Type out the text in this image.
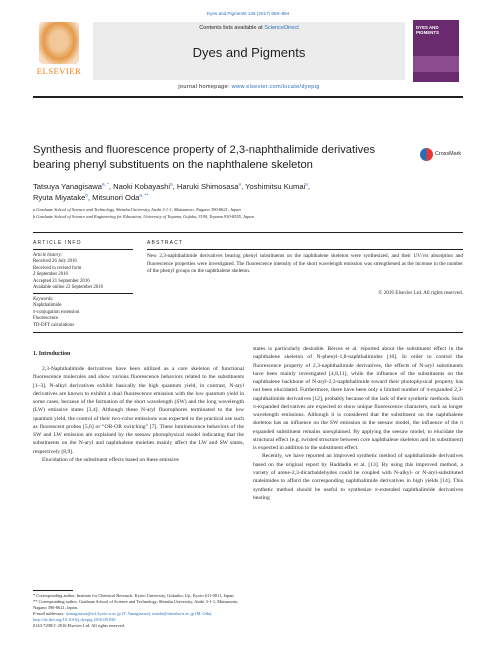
Dyes and Pigments 136 (2017) 859–864
ELSEVIER
Contents lists available at ScienceDirect
Dyes and Pigments
journal homepage: www.elsevier.com/locate/dyepig
DYES AND PIGMENTS
Synthesis and fluorescence property of 2,3-naphthalimide derivatives bearing phenyl substituents on the naphthalene skeleton
CrossMark
Tatsuya Yanagisawa$^{a, *}$, Naoki Kobayashi$^a$, Haruki Shimosasa$^a$, Yoshimitsu Kumai$^a$,
Ryuta Miyatake$^b$, Mitsunori Oda$^{a, **}$
a Graduate School of Science and Technology, Shinshu University, Asahi 3-1-1, Matsumoto, Nagano 390-8621, Japan
b Graduate School of Science and Engineering for Education, University of Toyama, Gofuku, 3190, Toyama 930-8555, Japan
ARTICLE INFO
Article history:
Received 26 July 2016
Received in revised form
2 September 2016
Accepted 21 September 2016
Available online 22 September 2016
Keywords:
Naphthalimide
π-conjugation extension
Fluorescence
TD-DFT calculations
ABSTRACT
New 2,3-naphthalimide derivatives bearing phenyl substituents on the naphthalene skeleton were synthesized, and their UV/vis absorption and fluorescence properties were investigated. The fluorescence intensity of the short wavelength emission was strengthened as the increase in the number of the phenyl groups on the naphthalene skeleton.
© 2016 Elsevier Ltd. All rights reserved.
1. Introduction

2,3-Naphthalimide derivatives have been utilized as a core skeleton of functional fluorescence molecules and show various fluorescence behaviors related to the substituents [1–3]. N-alkyl derivatives exhibit basically the high quantum yield, in contrast, N-aryl derivatives are known to exhibit a dual fluorescence emission with the low quantum yield in some cases, because of the formation of the short wavelength (SW) and the long wavelength (LW) emissive states [3,4]. Although these N-aryl fluorophores terminated to the low quantum yield, the control of their two-color emissions was expected to the practical use such as fluorescent probes [5,6] or “OR-OR switching” [7]. These luminescence behaviors of the SW and LW emission are explained by the seesaw photophysical model indicating that the substituents on the N-aryl and naphthalene moieties mainly affect the LW and SW states, respectively [8,9].

Elucidation of the substituent effects based on these emissive

states is particularly desirable. Bérces et al. reported about the substituent effect in the naphthalene skeleton of N-phenyl-1,8-naphthalimides [10]. In order to control the fluorescence property of 2,3-naphthalimide derivatives, the effects of N-aryl substituents have been mainly investigated [4,8,11], while the influence of the substituents on the naphthalene backbone of N-aryl-2,3-naphthalimide toward their photophysical property has not been elucidated. Furthermore, there have been only a limited number of π-expanded 2,3-naphthalimide derivatives [12], probably because of the lack of their synthetic methods. Such π-expanded derivatives are expected to show unique fluorescence characters, such as longer wavelength emissions. Although it is considered that the substituent on the naphthalene skeleton has an influence on the SW emission in the seesaw model, the influence of the π expanded substituent remains unexplained. By applying the seesaw model, to elucidate the structural effect (e.g. twisted structure between core naphthalene skeleton and its substituent) is expected in addition to the substituent effect.

Recently, we have reported an improved synthetic method of naphthalimide derivatives based on the original report by Haddadin et al. [13]. By using this improved method, a variety of arene-2,3-dicarbaldehydes could be coupled with N-alkyl- or N-aryl-substituted maleimides to afford the corresponding naphthalimide derivatives in high yields [14]. This synthetic method should be useful to synthesize π-extended naphthalimide derivatives bearing

* Corresponding author. Institute for Chemical Research, Kyoto University, Gokasho, Uji, Kyoto 611-0011, Japan.
** Corresponding author. Graduate School of Science and Technology, Shinshu University, Asahi 3-1-1, Matsumoto, Nagano 390-8621, Japan.
E-mail addresses: tyanagisawa@scl.kyoto-u.ac.jp (T. Yanagisawa), mioda@shinshu-u.ac.jp (M. Oda).
http://dx.doi.org/10.1016/j.dyepig.2016.09.050
0143-7208/© 2016 Elsevier Ltd. All rights reserved.
